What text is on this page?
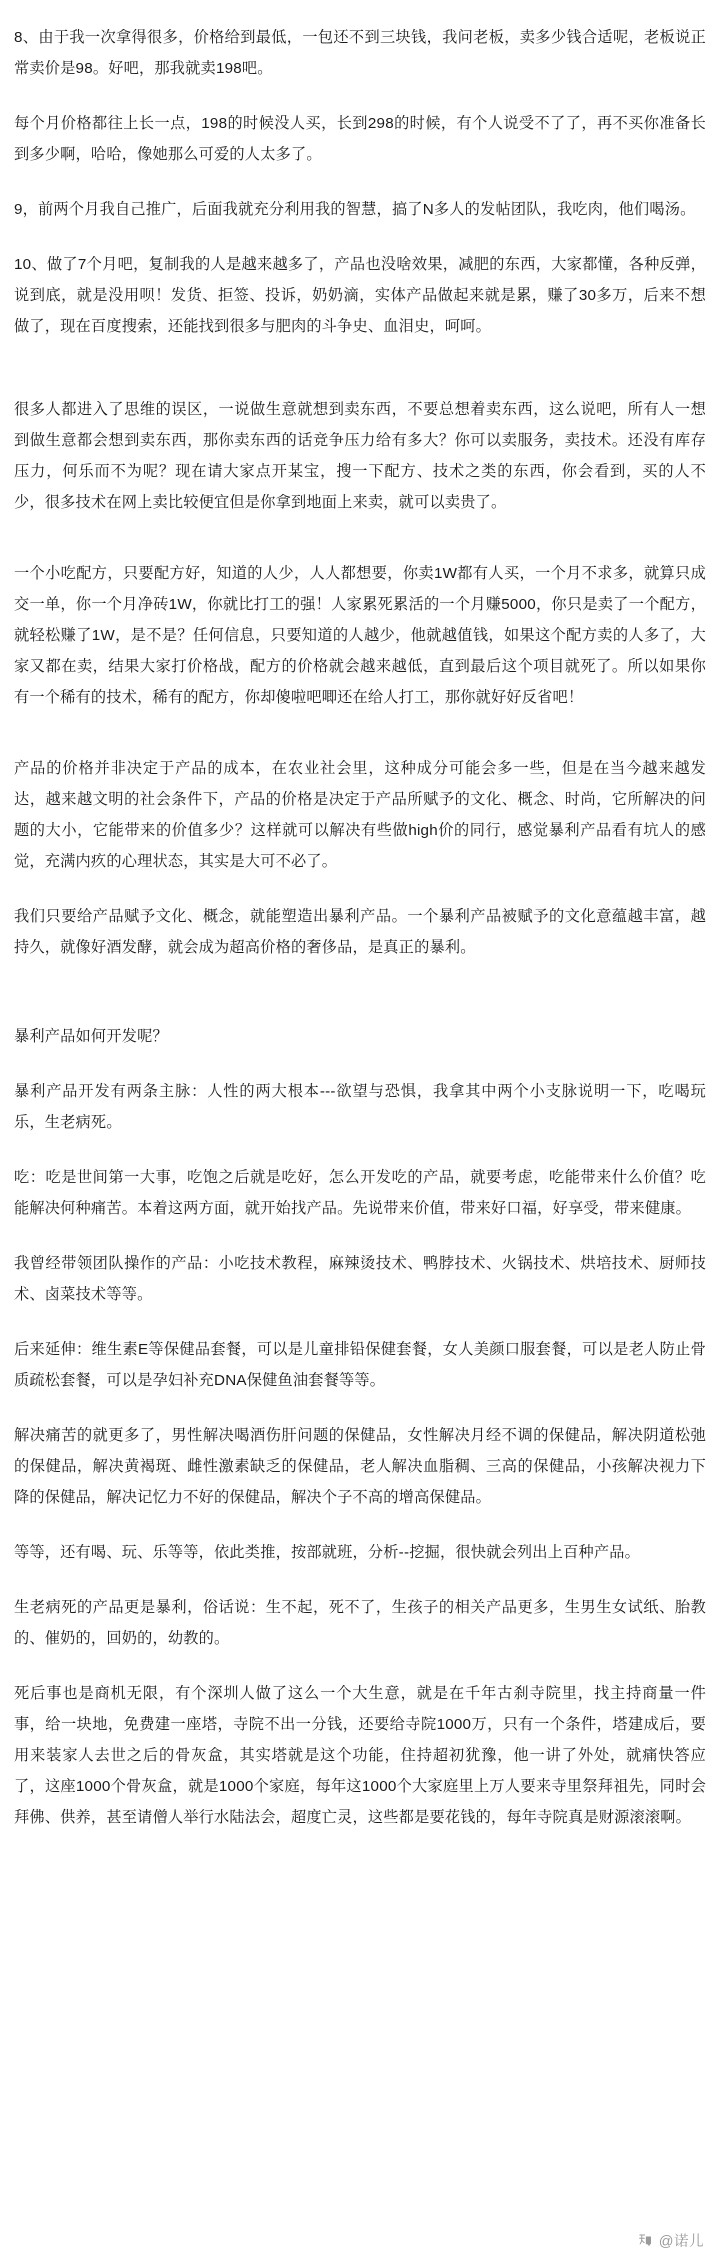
8、由于我一次拿得很多，价格给到最低，一包还不到三块钱，我问老板，卖多少钱合适呢，老板说正常卖价是98。好吧，那我就卖198吧。

每个月价格都往上长一点，198的时候没人买，长到298的时候，有个人说受不了了，再不买你准备长到多少啊，哈哈，像她那么可爱的人太多了。

9，前两个月我自己推广，后面我就充分利用我的智慧，搞了N多人的发帖团队，我吃肉，他们喝汤。

10、做了7个月吧，复制我的人是越来越多了，产品也没啥效果，减肥的东西，大家都懂，各种反弹，说到底，就是没用呗！发货、拒签、投诉，奶奶滴，实体产品做起来就是累，赚了30多万，后来不想做了，现在百度搜索，还能找到很多与肥肉的斗争史、血泪史，呵呵。

很多人都进入了思维的误区，一说做生意就想到卖东西，不要总想着卖东西，这么说吧，所有人一想到做生意都会想到卖东西，那你卖东西的话竞争压力给有多大？你可以卖服务，卖技术。还没有库存压力，何乐而不为呢？现在请大家点开某宝，搜一下配方、技术之类的东西，你会看到，买的人不少，很多技术在网上卖比较便宜但是你拿到地面上来卖，就可以卖贵了。

一个小吃配方，只要配方好，知道的人少，人人都想要，你卖1W都有人买，一个月不求多，就算只成交一单，你一个月净砖1W，你就比打工的强！人家累死累活的一个月赚5000，你只是卖了一个配方，就轻松赚了1W，是不是？任何信息，只要知道的人越少，他就越值钱，如果这个配方卖的人多了，大家又都在卖，结果大家打价格战，配方的价格就会越来越低，直到最后这个项目就死了。所以如果你有一个稀有的技术，稀有的配方，你却傻啦吧唧还在给人打工，那你就好好反省吧！

产品的价格并非决定于产品的成本，在农业社会里，这种成分可能会多一些，但是在当今越来越发达，越来越文明的社会条件下，产品的价格是决定于产品所赋予的文化、概念、时尚，它所解决的问题的大小，它能带来的价值多少？这样就可以解决有些做high价的同行，感觉暴利产品看有坑人的感觉，充满内疚的心理状态，其实是大可不必了。

我们只要给产品赋予文化、概念，就能塑造出暴利产品。一个暴利产品被赋予的文化意蕴越丰富，越持久，就像好酒发酵，就会成为超高价格的奢侈品，是真正的暴利。

暴利产品如何开发呢？

暴利产品开发有两条主脉：人性的两大根本---欲望与恐惧，我拿其中两个小支脉说明一下，吃喝玩乐，生老病死。

吃：吃是世间第一大事，吃饱之后就是吃好，怎么开发吃的产品，就要考虑，吃能带来什么价值？吃能解决何种痛苦。本着这两方面，就开始找产品。先说带来价值，带来好口福，好享受，带来健康。

我曾经带领团队操作的产品：小吃技术教程，麻辣烫技术、鸭脖技术、火锅技术、烘培技术、厨师技术、卤菜技术等等。

后来延伸：维生素E等保健品套餐，可以是儿童排铅保健套餐，女人美颜口服套餐，可以是老人防止骨质疏松套餐，可以是孕妇补充DNA保健鱼油套餐等等。

解决痛苦的就更多了，男性解决喝酒伤肝问题的保健品，女性解决月经不调的保健品，解决阴道松弛的保健品，解决黄褐斑、雌性激素缺乏的保健品，老人解决血脂稠、三高的保健品，小孩解决视力下降的保健品，解决记忆力不好的保健品，解决个子不高的增高保健品。

等等，还有喝、玩、乐等等，依此类推，按部就班，分析--挖掘，很快就会列出上百种产品。

生老病死的产品更是暴利，俗话说：生不起，死不了，生孩子的相关产品更多，生男生女试纸、胎教的、催奶的，回奶的，幼教的。

死后事也是商机无限，有个深圳人做了这么一个大生意，就是在千年古刹寺院里，找主持商量一件事，给一块地，免费建一座塔，寺院不出一分钱，还要给寺院1000万，只有一个条件，塔建成后，要用来装家人去世之后的骨灰盒，其实塔就是这个功能，住持超初犹豫，他一讲了外处，就痛快答应了，这座1000个骨灰盒，就是1000个家庭，每年这1000个大家庭里上万人要来寺里祭拜祖先，同时会拜佛、供养，甚至请僧人举行水陆法会，超度亡灵，这些都是要花钱的，每年寺院真是财源滚滚啊。

@诺儿
